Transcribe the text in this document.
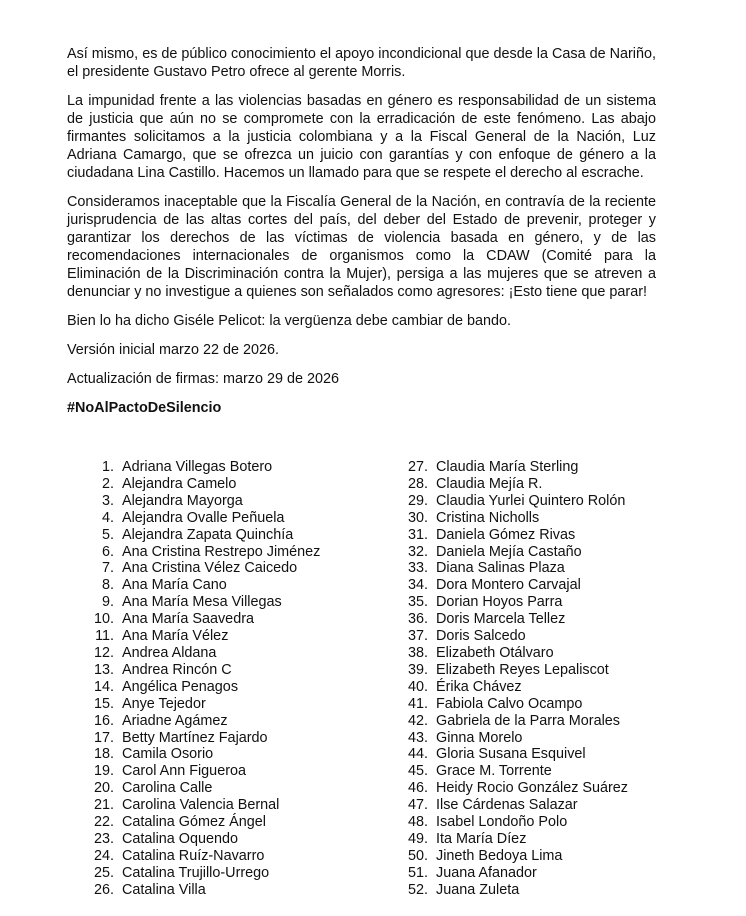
Así mismo, es de público conocimiento el apoyo incondicional que desde la Casa de Nariño, el presidente Gustavo Petro ofrece al gerente Morris.

La impunidad frente a las violencias basadas en género es responsabilidad de un sistema de justicia que aún no se compromete con la erradicación de este fenómeno. Las abajo firmantes solicitamos a la justicia colombiana y a la Fiscal General de la Nación, Luz Adriana Camargo, que se ofrezca un juicio con garantías y con enfoque de género a la ciudadana Lina Castillo. Hacemos un llamado para que se respete el derecho al escrache.

Consideramos inaceptable que la Fiscalía General de la Nación, en contravía de la reciente jurisprudencia de las altas cortes del país, del deber del Estado de prevenir, proteger y garantizar los derechos de las víctimas de violencia basada en género, y de las recomendaciones internacionales de organismos como la CDAW (Comité para la Eliminación de la Discriminación contra la Mujer), persiga a las mujeres que se atreven a denunciar y no investigue a quienes son señalados como agresores: ¡Esto tiene que parar!

Bien lo ha dicho Giséle Pelicot: la vergüenza debe cambiar de bando.

Versión inicial marzo 22 de 2026.

Actualización de firmas: marzo 29 de 2026

#NoAlPactoDeSilencio

1. Adriana Villegas Botero
2. Alejandra Camelo
3. Alejandra Mayorga
4. Alejandra Ovalle Peñuela
5. Alejandra Zapata Quinchía
6. Ana Cristina Restrepo Jiménez
7. Ana Cristina Vélez Caicedo
8. Ana María Cano
9. Ana María Mesa Villegas
10. Ana María Saavedra
11. Ana María Vélez
12. Andrea Aldana
13. Andrea Rincón C
14. Angélica Penagos
15. Anye Tejedor
16. Ariadne Agámez
17. Betty Martínez Fajardo
18. Camila Osorio
19. Carol Ann Figueroa
20. Carolina Calle
21. Carolina Valencia Bernal
22. Catalina Gómez Ángel
23. Catalina Oquendo
24. Catalina Ruíz-Navarro
25. Catalina Trujillo-Urrego
26. Catalina Villa
27. Claudia María Sterling
28. Claudia Mejía R.
29. Claudia Yurlei Quintero Rolón
30. Cristina Nicholls
31. Daniela Gómez Rivas
32. Daniela Mejía Castaño
33. Diana Salinas Plaza
34. Dora Montero Carvajal
35. Dorian Hoyos Parra
36. Doris Marcela Tellez
37. Doris Salcedo
38. Elizabeth Otálvaro
39. Elizabeth Reyes Lepaliscot
40. Érika Chávez
41. Fabiola Calvo Ocampo
42. Gabriela de la Parra Morales
43. Ginna Morelo
44. Gloria Susana Esquivel
45. Grace M. Torrente
46. Heidy Rocio González Suárez
47. Ilse Cárdenas Salazar
48. Isabel Londoño Polo
49. Ita María Díez
50. Jineth Bedoya Lima
51. Juana Afanador
52. Juana Zuleta
